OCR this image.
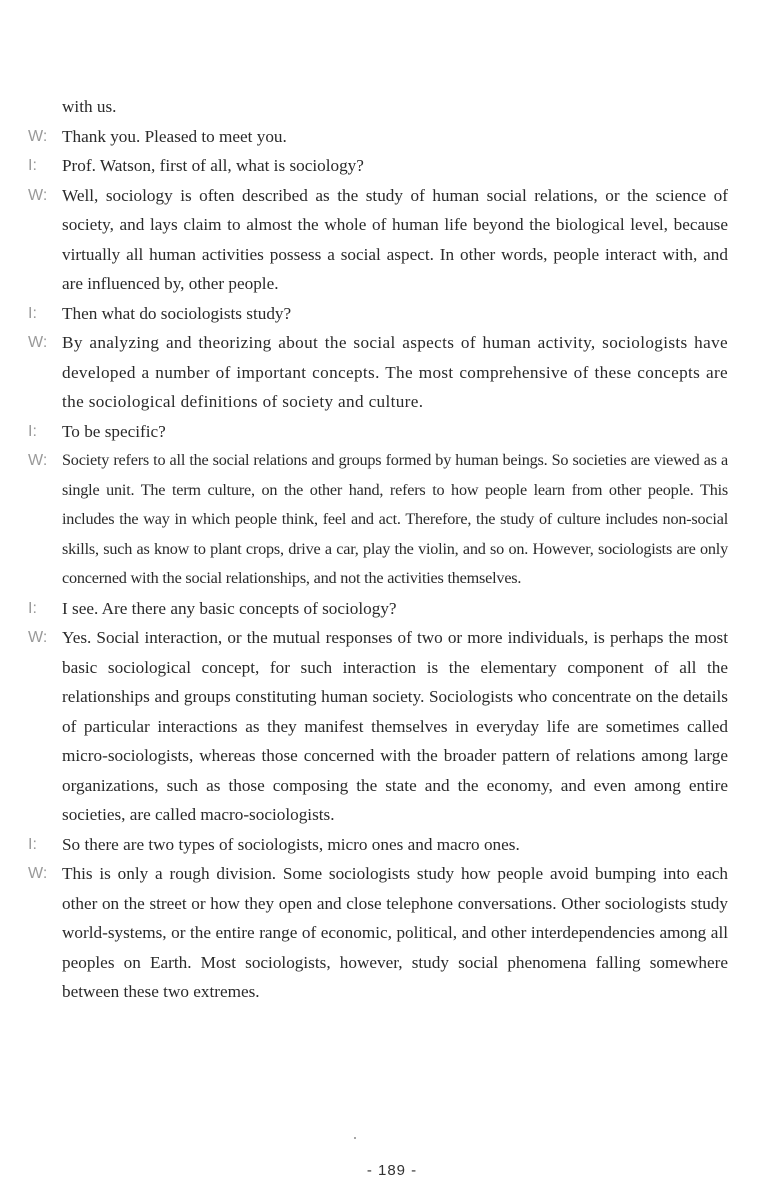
with us.
W: Thank you. Pleased to meet you.
I:	Prof. Watson, first of all, what is sociology?
W: Well, sociology is often described as the study of human social relations, or the science of society, and lays claim to almost the whole of human life beyond the biological level, because virtually all human activities possess a social aspect. In other words, people interact with, and are influenced by, other people.
I:	Then what do sociologists study?
W: By analyzing and theorizing about the social aspects of human activity, sociologists have developed a number of important concepts. The most comprehensive of these concepts are the sociological definitions of society and culture.
I:	To be specific?
W: Society refers to all the social relations and groups formed by human beings. So societies are viewed as a single unit. The term culture, on the other hand, refers to how people learn from other people. This includes the way in which people think, feel and act. Therefore, the study of culture includes non-social skills, such as know to plant crops, drive a car, play the violin, and so on. However, sociologists are only concerned with the social relationships, and not the activities themselves.
I:	I see. Are there any basic concepts of sociology?
W: Yes. Social interaction, or the mutual responses of two or more individuals, is perhaps the most basic sociological concept, for such interaction is the elementary component of all the relationships and groups constituting human society. Sociologists who concentrate on the details of particular interactions as they manifest themselves in everyday life are sometimes called micro-sociologists, whereas those concerned with the broader pattern of relations among large organizations, such as those composing the state and the economy, and even among entire societies, are called macro-sociologists.
I:	So there are two types of sociologists, micro ones and macro ones.
W: This is only a rough division. Some sociologists study how people avoid bumping into each other on the street or how they open and close telephone conversations. Other sociologists study world-systems, or the entire range of economic, political, and other interdependencies among all peoples on Earth. Most sociologists, however, study social phenomena falling somewhere between these two extremes.
- 189 -
